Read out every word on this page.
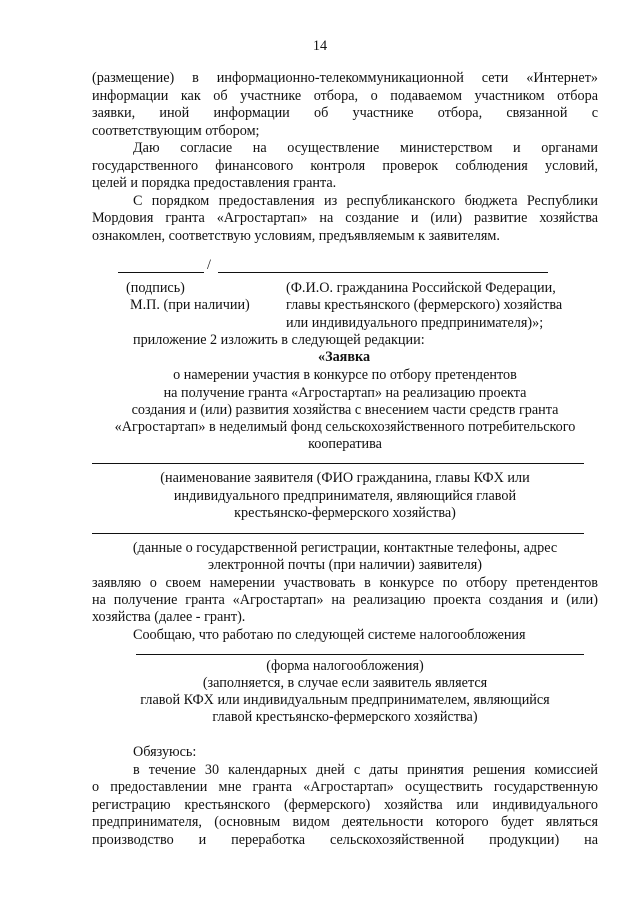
14
(размещение) в информационно-телекоммуникационной сети «Интернет»
информации как об участнике отбора, о подаваемом участником отбора
заявки, иной информации об участнике отбора, связанной с
соответствующим отбором;
Даю согласие на осуществление министерством и органами
государственного финансового контроля проверок соблюдения условий,
целей и порядка предоставления гранта.
С порядком предоставления из республиканского бюджета Республики
Мордовия гранта «Агростартап» на создание и (или) развитие хозяйства
ознакомлен, соответствую условиям, предъявляемым к заявителям.
/
(подпись)
М.П. (при наличии)
(Ф.И.О. гражданина Российской Федерации,
главы крестьянского (фермерского) хозяйства
или индивидуального предпринимателя)»;
приложение 2 изложить в следующей редакции:
«Заявка
о намерении участия в конкурсе по отбору претендентов
на получение гранта «Агростартап» на реализацию проекта
создания и (или) развития хозяйства с внесением части средств гранта
«Агростартап» в неделимый фонд сельскохозяйственного потребительского
кооператива
(наименование заявителя (ФИО гражданина, главы КФХ или
индивидуального предпринимателя, являющийся главой
крестьянско-фермерского хозяйства)
(данные о государственной регистрации, контактные телефоны, адрес
электронной почты (при наличии) заявителя)
заявляю о своем намерении участвовать в конкурсе по отбору претендентов
на получение гранта «Агростартап» на реализацию проекта создания и (или)
хозяйства (далее - грант).
Сообщаю, что работаю по следующей системе налогообложения
(форма налогообложения)
(заполняется, в случае если заявитель является
главой КФХ или индивидуальным предпринимателем, являющийся
главой крестьянско-фермерского хозяйства)
Обязуюсь:
в течение 30 календарных дней с даты принятия решения комиссией
о предоставлении мне гранта «Агростартап» осуществить государственную
регистрацию крестьянского (фермерского) хозяйства или индивидуального
предпринимателя, (основным видом деятельности которого будет являться
производство и переработка сельскохозяйственной продукции) на
